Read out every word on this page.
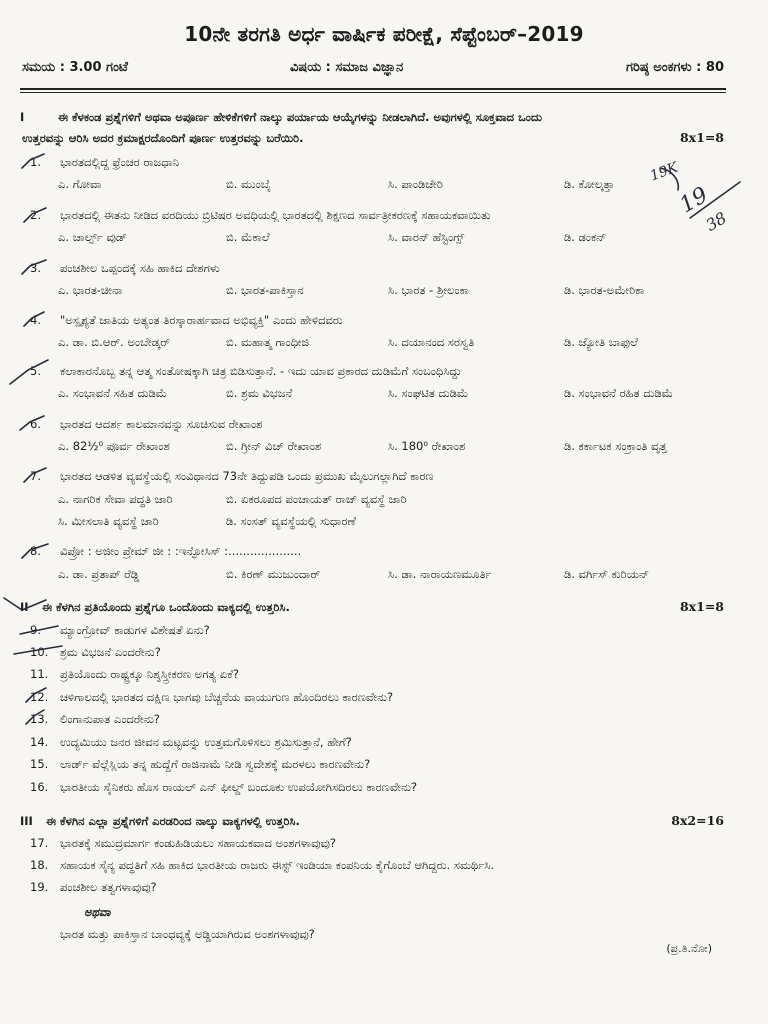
10ನೇ ತರಗತಿ ಅರ್ಧ ವಾರ್ಷಿಕ ಪರೀಕ್ಷೆ, ಸೆಪ್ಟೆಂಬರ್–2019
ಸಮಯ : 3.00 ಗಂಟೆ	ವಿಷಯ : ಸಮಾಜ ವಿಜ್ಞಾನ	ಗರಿಷ್ಠ ಅಂಕಗಳು : 80
I	ಈ ಕೆಳಕಂಡ ಪ್ರಶ್ನೆಗಳಿಗೆ ಅಥವಾ ಅಪೂರ್ಣ ಹೇಳಿಕೆಗಳಿಗೆ ನಾಲ್ಕು ಪರ್ಯಾಯ ಆಯ್ಕೆಗಳನ್ನು ನೀಡಲಾಗಿದೆ. ಅವುಗಳಲ್ಲಿ ಸೂಕ್ತವಾದ ಒಂದು
ಉತ್ತರವನ್ನು ಆರಿಸಿ ಅದರ ಕ್ರಮಾಕ್ಷರದೊಂದಿಗೆ ಪೂರ್ಣ ಉತ್ತರವನ್ನು ಬರೆಯಿರಿ.	8x1=8
1. ಭಾರತದಲ್ಲಿದ್ದ ಫ್ರೆಂಚರ ರಾಜಧಾನಿ
ಎ. ಗೋವಾ	ಬಿ. ಮುಂಬೈ	ಸಿ. ಪಾಂಡಿಚೇರಿ	ಡಿ. ಕೋಲ್ಕತ್ತಾ
2. ಭಾರತದಲ್ಲಿ ಈತನು ನೀಡಿದ ವರದಿಯು ಬ್ರಿಟಿಷರ ಅವಧಿಯಲ್ಲಿ ಭಾರತದಲ್ಲಿ ಶಿಕ್ಷಣದ ಸಾರ್ವತ್ರೀಕರಣಕ್ಕೆ ಸಹಾಯಕವಾಯಿತು
ಎ. ಚಾರ್ಲ್ಸ್ ವುಡ್	ಬಿ. ಮೆಕಾಲೆ	ಸಿ. ವಾರನ್ ಹೆಸ್ಟಿಂಗ್ಸ್	ಡಿ. ಡಂಕನ್
3. ಪಂಚಶೀಲ ಒಪ್ಪಂದಕ್ಕೆ ಸಹಿ ಹಾಕಿದ ದೇಶಗಳು
ಎ. ಭಾರತ-ಚೀನಾ	ಬಿ. ಭಾರತ-ಪಾಕಿಸ್ತಾನ	ಸಿ. ಭಾರತ - ಶ್ರೀಲಂಕಾ	ಡಿ. ಭಾರತ-ಅಮೇರಿಕಾ
4. "ಅಸ್ಪೃಶ್ಯತೆ ಜಾತಿಯ ಅತ್ಯಂತ ತಿರಸ್ಕಾರಾರ್ಹವಾದ ಅಭಿವ್ಯಕ್ತಿ" ಎಂದು ಹೇಳಿದವರು
ಎ. ಡಾ. ಬಿ.ಆರ್. ಅಂಬೇಡ್ಕರ್	ಬಿ. ಮಹಾತ್ಮ ಗಾಂಧೀಜಿ	ಸಿ. ದಯಾನಂದ ಸರಸ್ವತಿ	ಡಿ. ಜ್ಯೋತಿ ಬಾಫುಲೆ
5. ಕಲಾಕಾರನೊಬ್ಬ ತನ್ನ ಆತ್ಮ ಸಂತೋಷಕ್ಕಾಗಿ ಚಿತ್ರ ಬಿಡಿಸುತ್ತಾನೆ. - ಇದು ಯಾವ ಪ್ರಕಾರದ ದುಡಿಮೆಗೆ ಸಂಬಂಧಿಸಿದ್ದು
ಎ. ಸಂಭಾವನೆ ಸಹಿತ ದುಡಿಮೆ	ಬಿ. ಶ್ರಮ ವಿಭಜನೆ	ಸಿ. ಸಂಘಟಿತ ದುಡಿಮೆ	ಡಿ. ಸಂಭಾವನೆ ರಹಿತ ದುಡಿಮೆ
6. ಭಾರತದ ಆದರ್ಶ ಕಾಲಮಾನವನ್ನು ಸೂಚಿಸುವ ರೇಖಾಂಶ
ಎ. 82½⁰ ಪೂರ್ವ ರೇಖಾಂಶ	ಬಿ. ಗ್ರೀನ್ ವಿಚ್ ರೇಖಾಂಶ	ಸಿ. 180⁰ ರೇಖಾಂಶ	ಡಿ. ಕರ್ಕಾಟಕ ಸಂಕ್ರಾಂತಿ ವೃತ್ತ
7. ಭಾರತದ ಆಡಳಿತ ವ್ಯವಸ್ಥೆಯಲ್ಲಿ ಸಂವಿಧಾನದ 73ನೇ ತಿದ್ದುಪಡಿ ಒಂದು ಪ್ರಮುಖ ಮೈಲುಗಲ್ಲಾಗಿದೆ ಕಾರಣ
ಎ. ನಾಗರಿಕ ಸೇವಾ ಪದ್ಧತಿ ಜಾರಿ	ಬಿ. ಏಕರೂಪದ ಪಂಚಾಯತ್ ರಾಜ್ ವ್ಯವಸ್ಥೆ ಜಾರಿ
ಸಿ. ಮೀಸಲಾತಿ ವ್ಯವಸ್ಥೆ ಜಾರಿ	ಡಿ. ಸಂಸತ್ ವ್ಯವಸ್ಥೆಯಲ್ಲಿ ಸುಧಾರಣೆ
8. ವಿಪ್ರೋ : ಅಜೀಂ ಪ್ರೇಮ್ ಜೀ : :ಇನ್ಫೋಸಿಸ್ :....................
ಎ. ಡಾ. ಪ್ರತಾಪ್ ರೆಡ್ಡಿ	ಬಿ. ಕಿರಣ್ ಮುಜುಂದಾರ್	ಸಿ. ಡಾ. ನಾರಾಯಣಮೂರ್ತಿ	ಡಿ. ವರ್ಗಿಸ್ ಕುರಿಯನ್
II ಈ ಕೆಳಗಿನ ಪ್ರತಿಯೊಂದು ಪ್ರಶ್ನೆಗೂ ಒಂದೊಂದು ವಾಕ್ಯದಲ್ಲಿ ಉತ್ತರಿಸಿ.	8x1=8
9. ಮ್ಯಾಂಗ್ರೋವ್ ಕಾಡುಗಳ ವಿಶೇಷತೆ ಏನು?
10. ಶ್ರಮ ವಿಭಜನೆ ಎಂದರೇನು?
11. ಪ್ರತಿಯೊಂದು ರಾಷ್ಟ್ರಕ್ಕೂ ನಿಶ್ಶಸ್ತ್ರೀಕರಣ ಅಗತ್ಯ ಏಕೆ?
12. ಚಳಿಗಾಲದಲ್ಲಿ ಭಾರತದ ದಕ್ಷಿಣ ಭಾಗವು ಬೆಚ್ಚನೆಯ ವಾಯುಗುಣ ಹೊಂದಿರಲು ಕಾರಣವೇನು?
13. ಲಿಂಗಾನುಪಾತ ಎಂದರೇನು?
14. ಉದ್ಯಮಿಯು ಜನರ ಜೀವನ ಮಟ್ಟವನ್ನು ಉತ್ತಮಗೊಳಿಸಲು ಶ್ರಮಿಸುತ್ತಾನೆ, ಹೇಗೆ?
15. ಲಾರ್ಡ್ ವೆಲ್ಲೆಸ್ಲಿಯ ತನ್ನ ಹುದ್ದೆಗೆ ರಾಜಿನಾಮೆ ನೀಡಿ ಸ್ವದೇಶಕ್ಕೆ ಮರಳಲು ಕಾರಣವೇನು?
16. ಭಾರತೀಯ ಸೈನಿಕರು ಹೊಸ ರಾಯಲ್ ಎನ್ ಫೀಲ್ಡ್ ಬಂದೂಕು ಉಪಯೋಗಿಸದಿರಲು ಕಾರಣವೇನು?
III ಈ ಕೆಳಗಿನ ಎಲ್ಲಾ ಪ್ರಶ್ನೆಗಳಿಗೆ ಎರಡರಿಂದ ನಾಲ್ಕು ವಾಕ್ಯಗಳಲ್ಲಿ ಉತ್ತರಿಸಿ.	8x2=16
17. ಭಾರತಕ್ಕೆ ಸಮುದ್ರಮಾರ್ಗ ಕಂಡುಹಿಡಿಯಲು ಸಹಾಯಕವಾದ ಅಂಶಗಳಾವುವು?
18. ಸಹಾಯಕ ಸೈನ್ಯ ಪದ್ಧತಿಗೆ ಸಹಿ ಹಾಕಿದ ಭಾರತೀಯ ರಾಜರು ಈಸ್ಟ್ ಇಂಡಿಯಾ ಕಂಪನಿಯ ಕೈಗೊಂಬೆ ಆಗಿದ್ದರು. ಸಮರ್ಥಿಸಿ.
19. ಪಂಚಶೀಲ ತತ್ವಗಳಾವುವು?
ಅಥವಾ
ಭಾರತ ಮತ್ತು ಪಾಕಿಸ್ತಾನ ಬಾಂಧವ್ಯಕ್ಕೆ ಅಡ್ಡಿಯಾಗಿರುವ ಅಂಶಗಳಾವುವು?
(ಪ್ರ.ತಿ.ನೋ)
19K
19
38
